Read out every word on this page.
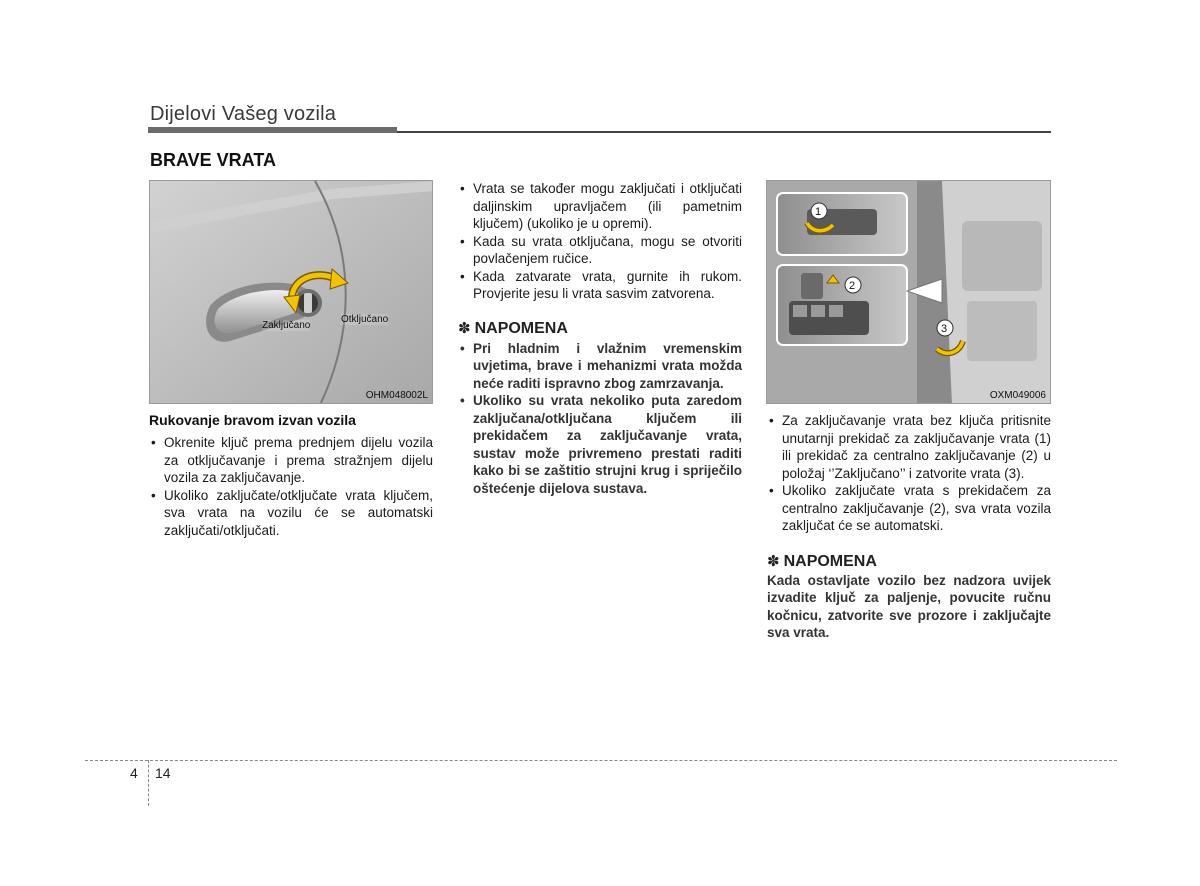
Dijelovi Vašeg vozila
BRAVE VRATA
Zaključano
Otključano
OHM048002L
Rukovanje bravom izvan vozila
• Okrenite ključ prema prednjem dijelu vozila za otključavanje i prema stražnjem dijelu vozila za zaključavanje.
• Ukoliko zaključate/otključate vrata ključem, sva vrata na vozilu će se automatski zaključati/otključati.
• Vrata se također mogu zaključati i otključati daljinskim upravljačem (ili pametnim ključem) (ukoliko je u opremi).
• Kada su vrata otključana, mogu se otvoriti povlačenjem ručice.
• Kada zatvarate vrata, gurnite ih rukom. Provjerite jesu li vrata sasvim zatvorena.
✽ NAPOMENA
• Pri hladnim i vlažnim vremenskim uvjetima, brave i mehanizmi vrata možda neće raditi ispravno zbog zamrzavanja.
• Ukoliko su vrata nekoliko puta zaredom zaključana/otključana ključem ili prekidačem za zaključavanje vrata, sustav može privremeno prestati raditi kako bi se zaštitio strujni krug i spriječilo oštećenje dijelova sustava.
1
2
3
OXM049006
• Za zaključavanje vrata bez ključa pritisnite unutarnji prekidač za zaključavanje vrata (1) ili prekidač za centralno zaključavanje (2) u položaj ‘’Zaključano’’ i zatvorite vrata (3).
• Ukoliko zaključate vrata s prekidačem za centralno zaključavanje (2), sva vrata vozila zaključat će se automatski.
✽ NAPOMENA

Kada ostavljate vozilo bez nadzora uvijek izvadite ključ za paljenje, povucite ručnu kočnicu, zatvorite sve prozore i zaključajte sva vrata.

4 14
